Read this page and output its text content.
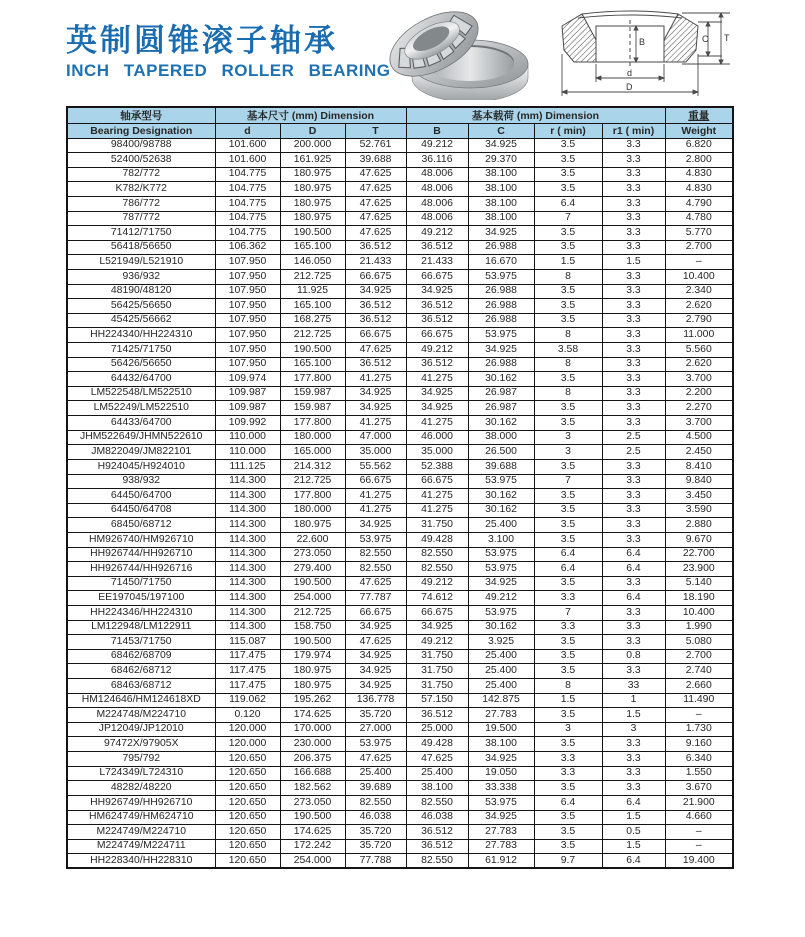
英制圆锥滚子轴承
INCH TAPERED ROLLER BEARING
B	C T
d
D
轴承型号	基本尺寸 (mm) Dimension			基本载荷 (mm) Dimension				重量
Bearing Designation	d	D	T	B	C	r ( min)	r1 ( min)	Weight
98400/98788	101.600	200.000	52.761	49.212	34.925	3.5	3.3	6.820
52400/52638	101.600	161.925	39.688	36.116	29.370	3.5	3.3	2.800
782/772	104.775	180.975	47.625	48.006	38.100	3.5	3.3	4.830
K782/K772	104.775	180.975	47.625	48.006	38.100	3.5	3.3	4.830
786/772	104.775	180.975	47.625	48.006	38.100	6.4	3.3	4.790
787/772	104.775	180.975	47.625	48.006	38.100	7	3.3	4.780
71412/71750	104.775	190.500	47.625	49.212	34.925	3.5	3.3	5.770
56418/56650	106.362	165.100	36.512	36.512	26.988	3.5	3.3	2.700
L521949/L521910	107.950	146.050	21.433	21.433	16.670	1.5	1.5	–
936/932	107.950	212.725	66.675	66.675	53.975	8	3.3	10.400
48190/48120	107.950	11.925	34.925	34.925	26.988	3.5	3.3	2.340
56425/56650	107.950	165.100	36.512	36.512	26.988	3.5	3.3	2.620
45425/56662	107.950	168.275	36.512	36.512	26.988	3.5	3.3	2.790
HH224340/HH224310	107.950	212.725	66.675	66.675	53.975	8	3.3	11.000
71425/71750	107.950	190.500	47.625	49.212	34.925	3.58	3.3	5.560
56426/56650	107.950	165.100	36.512	36.512	26.988	8	3.3	2.620
64432/64700	109.974	177.800	41.275	41.275	30.162	3.5	3.3	3.700
LM522548/LM522510	109.987	159.987	34.925	34.925	26.987	8	3.3	2.200
LM52249/LM522510	109.987	159.987	34.925	34.925	26.987	3.5	3.3	2.270
64433/64700	109.992	177.800	41.275	41.275	30.162	3.5	3.3	3.700
JHM522649/JHMN522610	110.000	180.000	47.000	46.000	38.000	3	2.5	4.500
JM822049/JM822101	110.000	165.000	35.000	35.000	26.500	3	2.5	2.450
H924045/H924010	111.125	214.312	55.562	52.388	39.688	3.5	3.3	8.410
938/932	114.300	212.725	66.675	66.675	53.975	7	3.3	9.840
64450/64700	114.300	177.800	41.275	41.275	30.162	3.5	3.3	3.450
64450/64708	114.300	180.000	41.275	41.275	30.162	3.5	3.3	3.590
68450/68712	114.300	180.975	34.925	31.750	25.400	3.5	3.3	2.880
HM926740/HM926710	114.300	22.600	53.975	49.428	3.100	3.5	3.3	9.670
HH926744/HH926710	114.300	273.050	82.550	82.550	53.975	6.4	6.4	22.700
HH926744/HH926716	114.300	279.400	82.550	82.550	53.975	6.4	6.4	23.900
71450/71750	114.300	190.500	47.625	49.212	34.925	3.5	3.3	5.140
EE197045/197100	114.300	254.000	77.787	74.612	49.212	3.3	6.4	18.190
HH224346/HH224310	114.300	212.725	66.675	66.675	53.975	7	3.3	10.400
LM122948/LM122911	114.300	158.750	34.925	34.925	30.162	3.3	3.3	1.990
71453/71750	115.087	190.500	47.625	49.212	3.925	3.5	3.3	5.080
68462/68709	117.475	179.974	34.925	31.750	25.400	3.5	0.8	2.700
68462/68712	117.475	180.975	34.925	31.750	25.400	3.5	3.3	2.740
68463/68712	117.475	180.975	34.925	31.750	25.400	8	33	2.660
HM124646/HM124618XD	119.062	195.262	136.778	57.150	142.875	1.5	1	11.490
M224748/M224710	0.120	174.625	35.720	36.512	27.783	3.5	1.5	–
JP12049/JP12010	120.000	170.000	27.000	25.000	19.500	3	3	1.730
97472X/97905X	120.000	230.000	53.975	49.428	38.100	3.5	3.3	9.160
795/792	120.650	206.375	47.625	47.625	34.925	3.3	3.3	6.340
L724349/L724310	120.650	166.688	25.400	25.400	19.050	3.3	3.3	1.550
48282/48220	120.650	182.562	39.689	38.100	33.338	3.5	3.3	3.670
HH926749/HH926710	120.650	273.050	82.550	82.550	53.975	6.4	6.4	21.900
HM624749/HM624710	120.650	190.500	46.038	46.038	34.925	3.5	1.5	4.660
M224749/M224710	120.650	174.625	35.720	36.512	27.783	3.5	0.5	–
M224749/M224711	120.650	172.242	35.720	36.512	27.783	3.5	1.5	–
HH228340/HH228310	120.650	254.000	77.788	82.550	61.912	9.7	6.4	19.400
